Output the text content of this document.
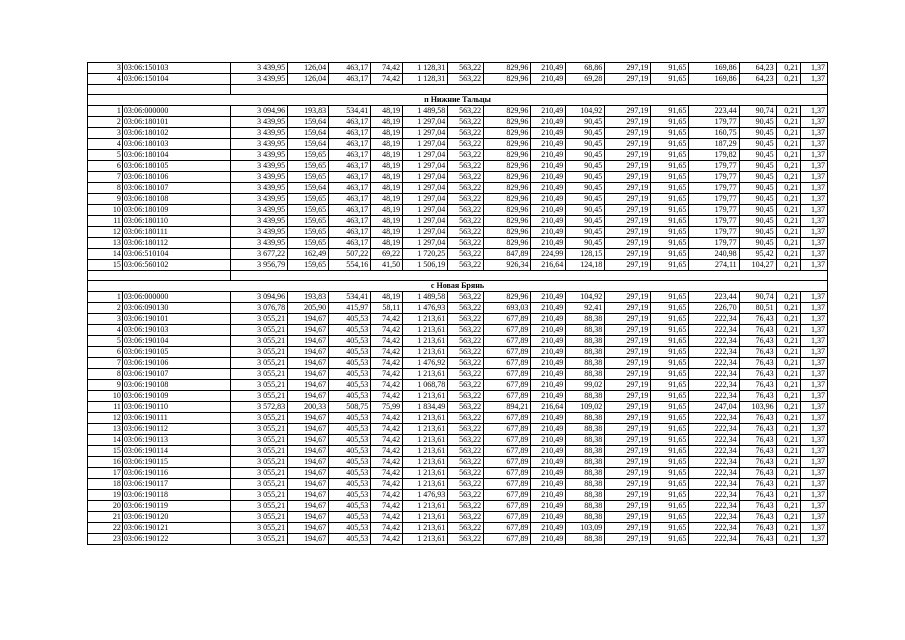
3	03:06:150103	3 439,95	126,04	463,17	74,42	1 128,31	563,22	829,96	210,49	68,86	297,19	91,65	169,86	64,23	0,21	1,37
4	03:06:150104	3 439,95	126,04	463,17	74,42	1 128,31	563,22	829,96	210,49	69,28	297,19	91,65	169,86	64,23	0,21	1,37

п Нижние Тальцы																
1	03:06:000000	3 094,96	193,83	534,41	48,19	1 489,58	563,22	829,96	210,49	104,92	297,19	91,65	223,44	90,74	0,21	1,37
2	03:06:180101	3 439,95	159,64	463,17	48,19	1 297,04	563,22	829,96	210,49	90,45	297,19	91,65	179,77	90,45	0,21	1,37
3	03:06:180102	3 439,95	159,64	463,17	48,19	1 297,04	563,22	829,96	210,49	90,45	297,19	91,65	160,75	90,45	0,21	1,37
4	03:06:180103	3 439,95	159,64	463,17	48,19	1 297,04	563,22	829,96	210,49	90,45	297,19	91,65	187,29	90,45	0,21	1,37
5	03:06:180104	3 439,95	159,65	463,17	48,19	1 297,04	563,22	829,96	210,49	90,45	297,19	91,65	179,82	90,45	0,21	1,37
6	03:06:180105	3 439,95	159,65	463,17	48,19	1 297,04	563,22	829,96	210,49	90,45	297,19	91,65	179,77	90,45	0,21	1,37
7	03:06:180106	3 439,95	159,65	463,17	48,19	1 297,04	563,22	829,96	210,49	90,45	297,19	91,65	179,77	90,45	0,21	1,37
8	03:06:180107	3 439,95	159,64	463,17	48,19	1 297,04	563,22	829,96	210,49	90,45	297,19	91,65	179,77	90,45	0,21	1,37
9	03:06:180108	3 439,95	159,65	463,17	48,19	1 297,04	563,22	829,96	210,49	90,45	297,19	91,65	179,77	90,45	0,21	1,37
10	03:06:180109	3 439,95	159,65	463,17	48,19	1 297,04	563,22	829,96	210,49	90,45	297,19	91,65	179,77	90,45	0,21	1,37
11	03:06:180110	3 439,95	159,65	463,17	48,19	1 297,04	563,22	829,96	210,49	90,45	297,19	91,65	179,77	90,45	0,21	1,37
12	03:06:180111	3 439,95	159,65	463,17	48,19	1 297,04	563,22	829,96	210,49	90,45	297,19	91,65	179,77	90,45	0,21	1,37
13	03:06:180112	3 439,95	159,65	463,17	48,19	1 297,04	563,22	829,96	210,49	90,45	297,19	91,65	179,77	90,45	0,21	1,37
14	03:06:510104	3 677,22	162,49	507,22	69,22	1 720,25	563,22	847,89	224,99	128,15	297,19	91,65	240,98	95,42	0,21	1,37
15	03:06:560102	3 956,79	159,65	554,16	41,50	1 506,19	563,22	926,34	216,64	124,18	297,19	91,65	274,11	104,27	0,21	1,37

с Новая Брянь																
1	03:06:000000	3 094,96	193,83	534,41	48,19	1 489,58	563,22	829,96	210,49	104,92	297,19	91,65	223,44	90,74	0,21	1,37
2	03:06:090130	3 076,78	205,90	415,97	58,11	1 476,93	563,22	693,03	210,49	92,41	297,19	91,65	226,70	80,51	0,21	1,37
3	03:06:190101	3 055,21	194,67	405,53	74,42	1 213,61	563,22	677,89	210,49	88,38	297,19	91,65	222,34	76,43	0,21	1,37
4	03:06:190103	3 055,21	194,67	405,53	74,42	1 213,61	563,22	677,89	210,49	88,38	297,19	91,65	222,34	76,43	0,21	1,37
5	03:06:190104	3 055,21	194,67	405,53	74,42	1 213,61	563,22	677,89	210,49	88,38	297,19	91,65	222,34	76,43	0,21	1,37
6	03:06:190105	3 055,21	194,67	405,53	74,42	1 213,61	563,22	677,89	210,49	88,38	297,19	91,65	222,34	76,43	0,21	1,37
7	03:06:190106	3 055,21	194,67	405,53	74,42	1 476,92	563,22	677,89	210,49	88,38	297,19	91,65	222,34	76,43	0,21	1,37
8	03:06:190107	3 055,21	194,67	405,53	74,42	1 213,61	563,22	677,89	210,49	88,38	297,19	91,65	222,34	76,43	0,21	1,37
9	03:06:190108	3 055,21	194,67	405,53	74,42	1 068,78	563,22	677,89	210,49	99,02	297,19	91,65	222,34	76,43	0,21	1,37
10	03:06:190109	3 055,21	194,67	405,53	74,42	1 213,61	563,22	677,89	210,49	88,38	297,19	91,65	222,34	76,43	0,21	1,37
11	03:06:190110	3 572,83	200,33	508,75	75,99	1 834,49	563,22	894,21	216,64	109,02	297,19	91,65	247,04	103,96	0,21	1,37
12	03:06:190111	3 055,21	194,67	405,53	74,42	1 213,61	563,22	677,89	210,49	88,38	297,19	91,65	222,34	76,43	0,21	1,37
13	03:06:190112	3 055,21	194,67	405,53	74,42	1 213,61	563,22	677,89	210,49	88,38	297,19	91,65	222,34	76,43	0,21	1,37
14	03:06:190113	3 055,21	194,67	405,53	74,42	1 213,61	563,22	677,89	210,49	88,38	297,19	91,65	222,34	76,43	0,21	1,37
15	03:06:190114	3 055,21	194,67	405,53	74,42	1 213,61	563,22	677,89	210,49	88,38	297,19	91,65	222,34	76,43	0,21	1,37
16	03:06:190115	3 055,21	194,67	405,53	74,42	1 213,61	563,22	677,89	210,49	88,38	297,19	91,65	222,34	76,43	0,21	1,37
17	03:06:190116	3 055,21	194,67	405,53	74,42	1 213,61	563,22	677,89	210,49	88,38	297,19	91,65	222,34	76,43	0,21	1,37
18	03:06:190117	3 055,21	194,67	405,53	74,42	1 213,61	563,22	677,89	210,49	88,38	297,19	91,65	222,34	76,43	0,21	1,37
19	03:06:190118	3 055,21	194,67	405,53	74,42	1 476,93	563,22	677,89	210,49	88,38	297,19	91,65	222,34	76,43	0,21	1,37
20	03:06:190119	3 055,21	194,67	405,53	74,42	1 213,61	563,22	677,89	210,49	88,38	297,19	91,65	222,34	76,43	0,21	1,37
21	03:06:190120	3 055,21	194,67	405,53	74,42	1 213,61	563,22	677,89	210,49	88,38	297,19	91,65	222,34	76,43	0,21	1,37
22	03:06:190121	3 055,21	194,67	405,53	74,42	1 213,61	563,22	677,89	210,49	103,09	297,19	91,65	222,34	76,43	0,21	1,37
23	03:06:190122	3 055,21	194,67	405,53	74,42	1 213,61	563,22	677,89	210,49	88,38	297,19	91,65	222,34	76,43	0,21	1,37
